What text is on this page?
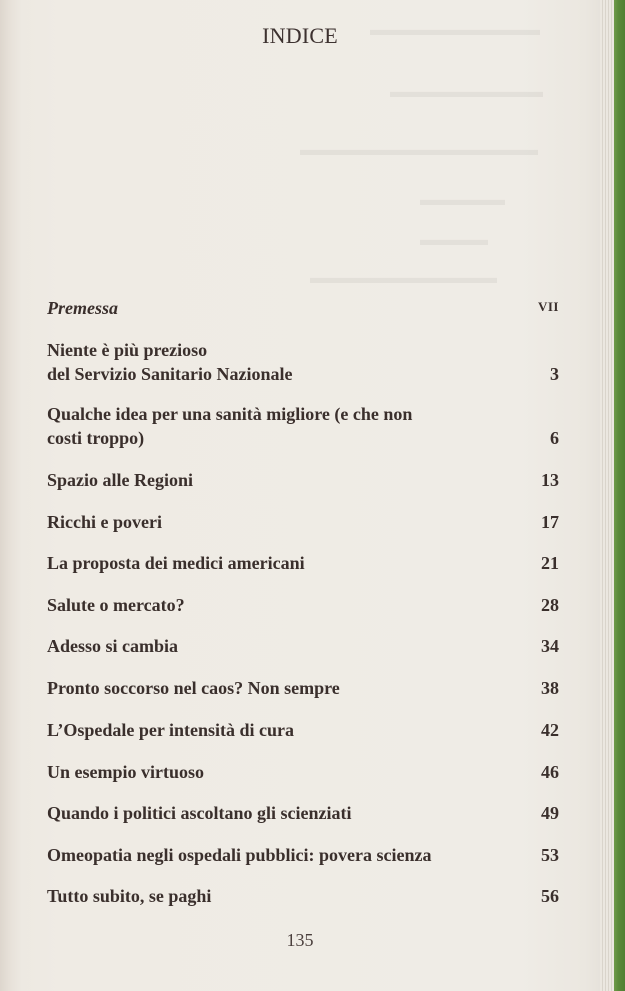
▬▬▬▬▬▬▬▬▬▬
▬▬▬▬▬▬▬▬▬
▬▬▬▬▬▬▬▬▬▬▬▬▬▬
▬▬▬▬▬
▬▬▬▬
▬▬▬▬▬▬▬▬▬▬▬
INDICE
Premessa	VII
Niente è più prezioso
del Servizio Sanitario Nazionale	3
Qualche idea per una sanità migliore (e che non
costi troppo)	6
Spazio alle Regioni	13
Ricchi e poveri	17
La proposta dei medici americani	21
Salute o mercato?	28
Adesso si cambia	34
Pronto soccorso nel caos? Non sempre	38
L’Ospedale per intensità di cura	42
Un esempio virtuoso	46
Quando i politici ascoltano gli scienziati	49
Omeopatia negli ospedali pubblici: povera scienza	53
Tutto subito, se paghi	56
135
